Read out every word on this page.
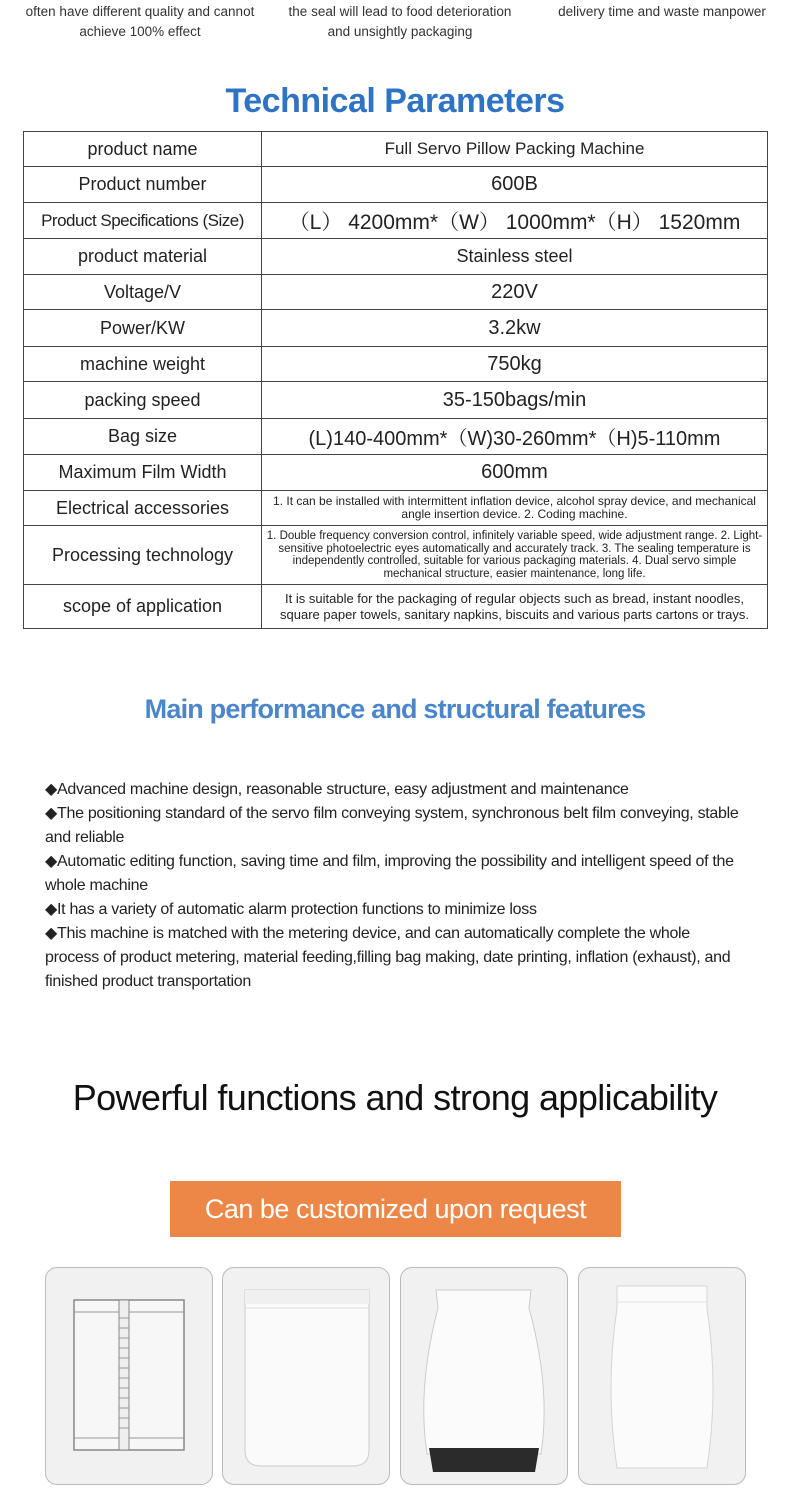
often have different quality and cannot
achieve 100% effect
the seal will lead to food deterioration
and unsightly packaging
delivery time and waste manpower
Technical Parameters
product name	Full Servo Pillow Packing Machine
Product number	600B
Product Specifications (Size)	（L） 4200mm*（W） 1000mm*（H） 1520mm
product material	Stainless steel
Voltage/V	220V
Power/KW	3.2kw
machine weight	750kg
packing speed	35-150bags/min
Bag size	(L)140-400mm*（W)30-260mm*（H)5-110mm
Maximum Film Width	600mm
Electrical accessories	1. It can be installed with intermittent inflation device, alcohol spray device, and mechanical angle insertion device. 2. Coding machine.
Processing technology	1. Double frequency conversion control, infinitely variable speed, wide adjustment range. 2. Light-sensitive photoelectric eyes automatically and accurately track. 3. The sealing temperature is independently controlled, suitable for various packaging materials. 4. Dual servo simple mechanical structure, easier maintenance, long life.
scope of application	It is suitable for the packaging of regular objects such as bread, instant noodles, square paper towels, sanitary napkins, biscuits and various parts cartons or trays.
Main performance and structural features

◆Advanced machine design, reasonable structure, easy adjustment and maintenance

◆The positioning standard of the servo film conveying system, synchronous belt film conveying, stable and reliable

◆Automatic editing function, saving time and film, improving the possibility and intelligent speed of the whole machine

◆It has a variety of automatic alarm protection functions to minimize loss

◆This machine is matched with the metering device, and can automatically complete the whole process of product metering, material feeding,filling bag making, date printing, inflation (exhaust), and finished product transportation

Powerful functions and strong applicability
Can be customized upon request
